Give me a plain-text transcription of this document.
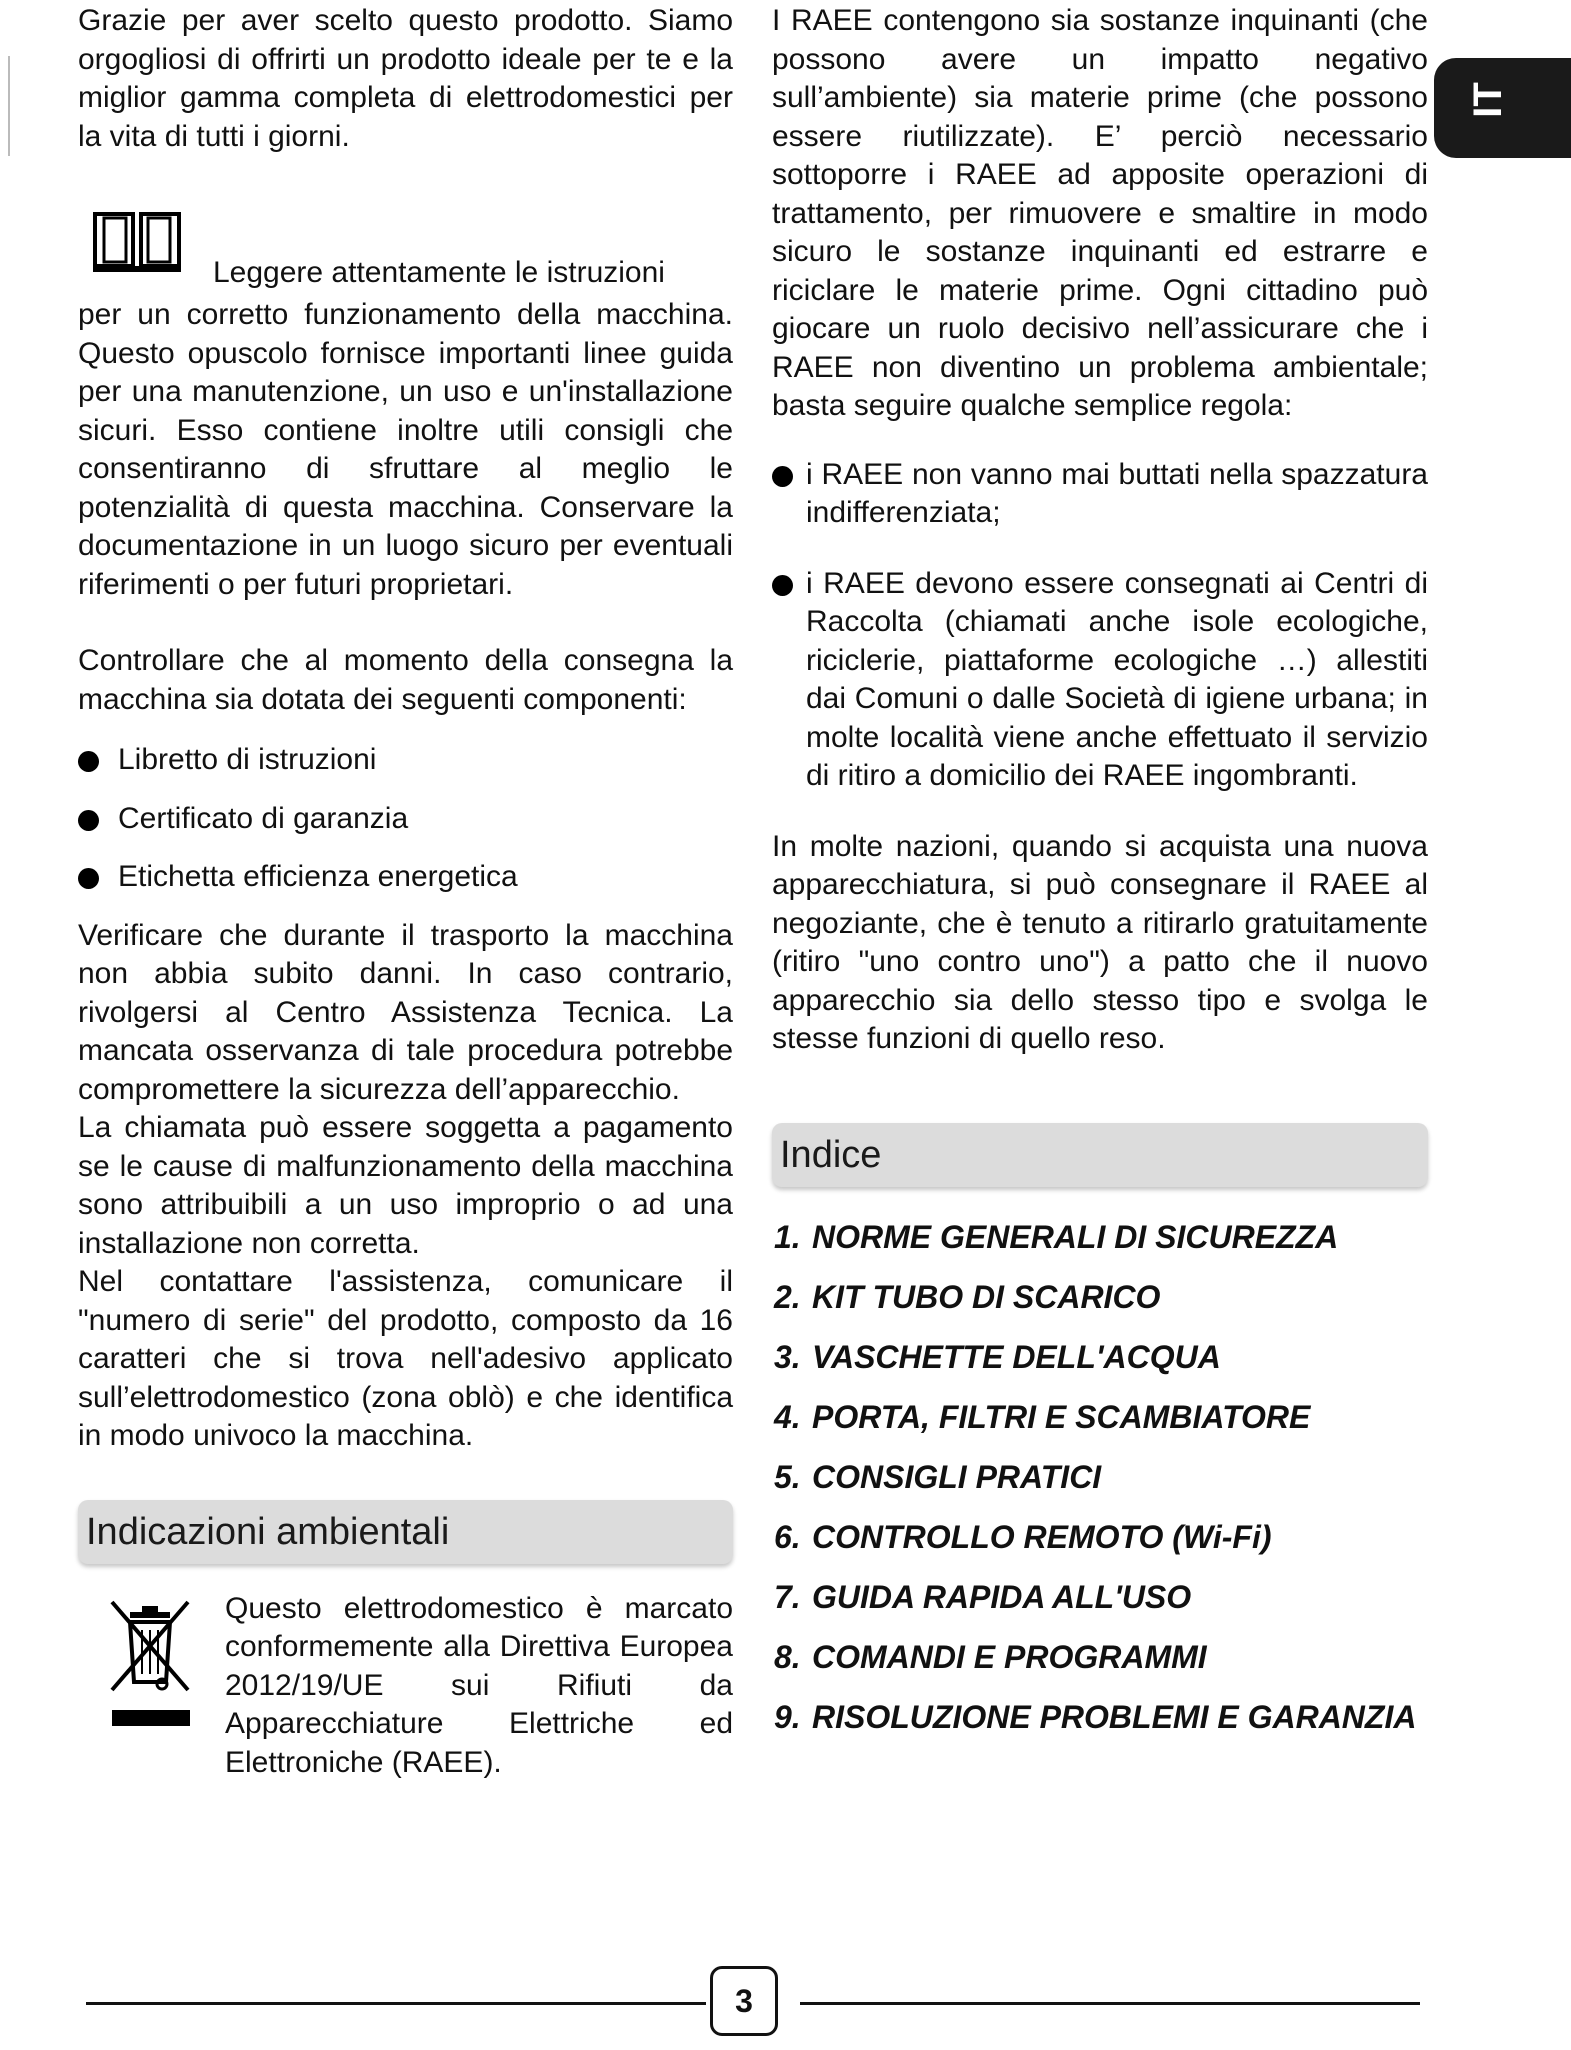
IT

Grazie per aver scelto questo prodotto. Siamo orgogliosi di offrirti un prodotto ideale per te e la miglior gamma completa di elettrodomestici per la vita di tutti i giorni.

Leggere attentamente le istruzioni

per un corretto funzionamento della macchina. Questo opuscolo fornisce importanti linee guida per una manutenzione, un uso e un'installazione sicuri. Esso contiene inoltre utili consigli che consentiranno di sfruttare al meglio le potenzialità di questa macchina. Conservare la documentazione in un luogo sicuro per eventuali riferimenti o per futuri proprietari.

Controllare che al momento della consegna la macchina sia dotata dei seguenti componenti:

Libretto di istruzioni
Certificato di garanzia
Etichetta efficienza energetica

Verificare che durante il trasporto la macchina non abbia subito danni. In caso contrario, rivolgersi al Centro Assistenza Tecnica. La mancata osservanza di tale procedura potrebbe compromettere la sicurezza dell’apparecchio.

La chiamata può essere soggetta a pagamento se le cause di malfunzionamento della macchina sono attribuibili a un uso improprio o ad una installazione non corretta.

Nel contattare l'assistenza, comunicare il "numero di serie" del prodotto, composto da 16 caratteri che si trova nell'adesivo applicato sull’elettrodomestico (zona oblò) e che identifica in modo univoco la macchina.

Indicazioni ambientali

Questo elettrodomestico è marcato conformemente alla Direttiva Europea 2012/19/UE sui Rifiuti da Apparecchiature Elettriche ed Elettroniche (RAEE).

I RAEE contengono sia sostanze inquinanti (che possono avere un impatto negativo sull’ambiente) sia materie prime (che possono essere riutilizzate). E’ perciò necessario sottoporre i RAEE ad apposite operazioni di trattamento, per rimuovere e smaltire in modo sicuro le sostanze inquinanti ed estrarre e riciclare le materie prime. Ogni cittadino può giocare un ruolo decisivo nell’assicurare che i RAEE non diventino un problema ambientale; basta seguire qualche semplice regola:

i RAEE non vanno mai buttati nella spazzatura indifferenziata;
i RAEE devono essere consegnati ai Centri di Raccolta (chiamati anche isole ecologiche, riciclerie, piattaforme ecologiche …) allestiti dai Comuni o dalle Società di igiene urbana; in molte località viene anche effettuato il servizio di ritiro a domicilio dei RAEE ingombranti.

In molte nazioni, quando si acquista una nuova apparecchiatura, si può consegnare il RAEE al negoziante, che è tenuto a ritirarlo gratuitamente (ritiro "uno contro uno") a patto che il nuovo apparecchio sia dello stesso tipo e svolga le stesse funzioni di quello reso.

Indice
1. NORME GENERALI DI SICUREZZA
2. KIT TUBO DI SCARICO
3. VASCHETTE DELL'ACQUA
4. PORTA, FILTRI E SCAMBIATORE
5. CONSIGLI PRATICI
6. CONTROLLO REMOTO (Wi-Fi)
7. GUIDA RAPIDA ALL'USO
8. COMANDI E PROGRAMMI
9. RISOLUZIONE PROBLEMI E GARANZIA
3
